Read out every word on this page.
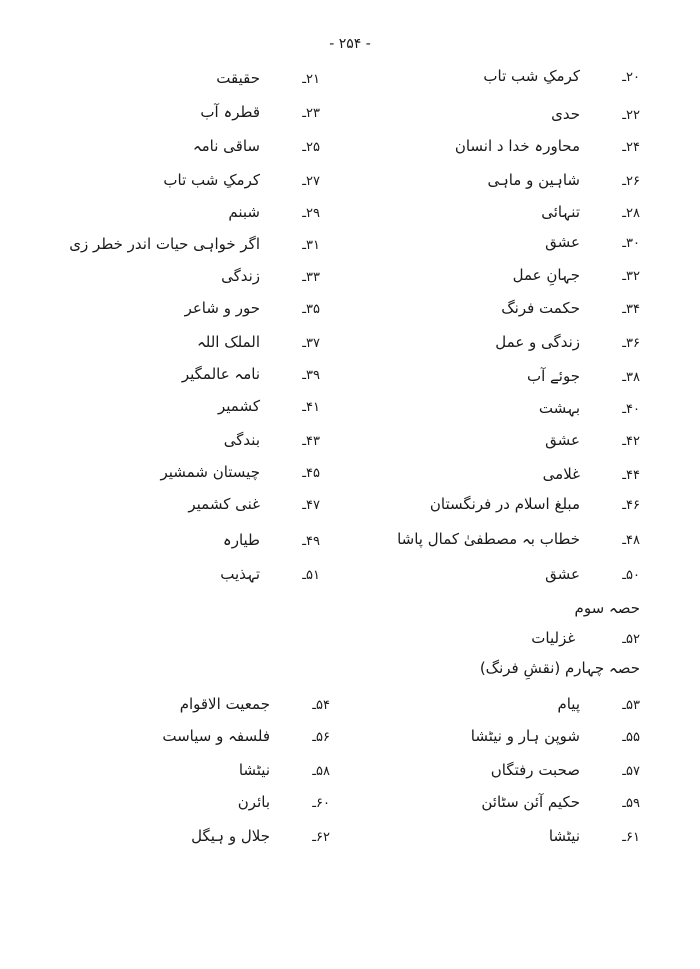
- ۲۵۴ -
۲۰ـکرمکِ شب تاب
۲۲ـحدی
۲۴ـمحاورہ خدا د انسان
۲۶ـشاہین و ماہی
۲۸ـتنہائی
۳۰ـعشق
۳۲ـجہانِ عمل
۳۴ـحکمت فرنگ
۳۶ـزندگی و عمل
۳۸ـجوئے آب
۴۰ـبہشت
۴۲ـعشق
۴۴ـغلامی
۴۶ـمبلغ اسلام در فرنگستان
۴۸ـخطاب بہ مصطفیٰ کمال پاشا
۵۰ـعشق
۵۳ـپیام
۵۵ـشوپن ہار و نیٹشا
۵۷ـصحبت رفتگاں
۵۹ـحکیم آئن سٹائن
۶۱ـنیٹشا
۲۱ـحقیقت
۲۳ـقطرہ آب
۲۵ـساقی نامہ
۲۷ـکرمکِ شب تاب
۲۹ـشبنم
۳۱ـاگر خواہی حیات اندر خطر زی
۳۳ـزندگی
۳۵ـحور و شاعر
۳۷ـالملک اللہ
۳۹ـنامہ عالمگیر
۴۱ـکشمیر
۴۳ـبندگی
۴۵ـچیستان شمشیر
۴۷ـغنی کشمیر
۴۹ـطیارہ
۵۱ـتہذیب
۵۴ـجمعیت الاقوام
۵۶ـفلسفہ و سیاست
۵۸ـنیٹشا
۶۰ـبائرن
۶۲ـجلال و ہیگل
حصہ سوم
۵۲ـ غزلیات
حصہ چہارم (نقشِ فرنگ)
